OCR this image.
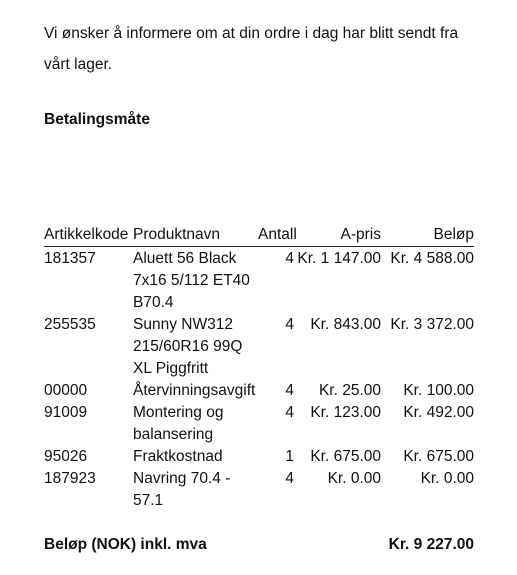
Vi ønsker å informere om at din ordre i dag har blitt sendt fra vårt lager.

Betalingsmåte
Artikkelkode	Produktnavn	Antall	A-pris	Beløp
181357	Aluett 56 Black 7x16 5/112 ET40 B70.4	4	Kr. 1 147.00	Kr. 4 588.00
255535	Sunny NW312 215/60R16 99Q XL Piggfritt	4	Kr. 843.00	Kr. 3 372.00
00000	Återvinningsavgift	4	Kr. 25.00	Kr. 100.00
91009	Montering og balansering	4	Kr. 123.00	Kr. 492.00
95026	Fraktkostnad	1	Kr. 675.00	Kr. 675.00
187923	Navring 70.4 - 57.1	4	Kr. 0.00	Kr. 0.00
Beløp (NOK) inkl. mva	Kr. 9 227.00
